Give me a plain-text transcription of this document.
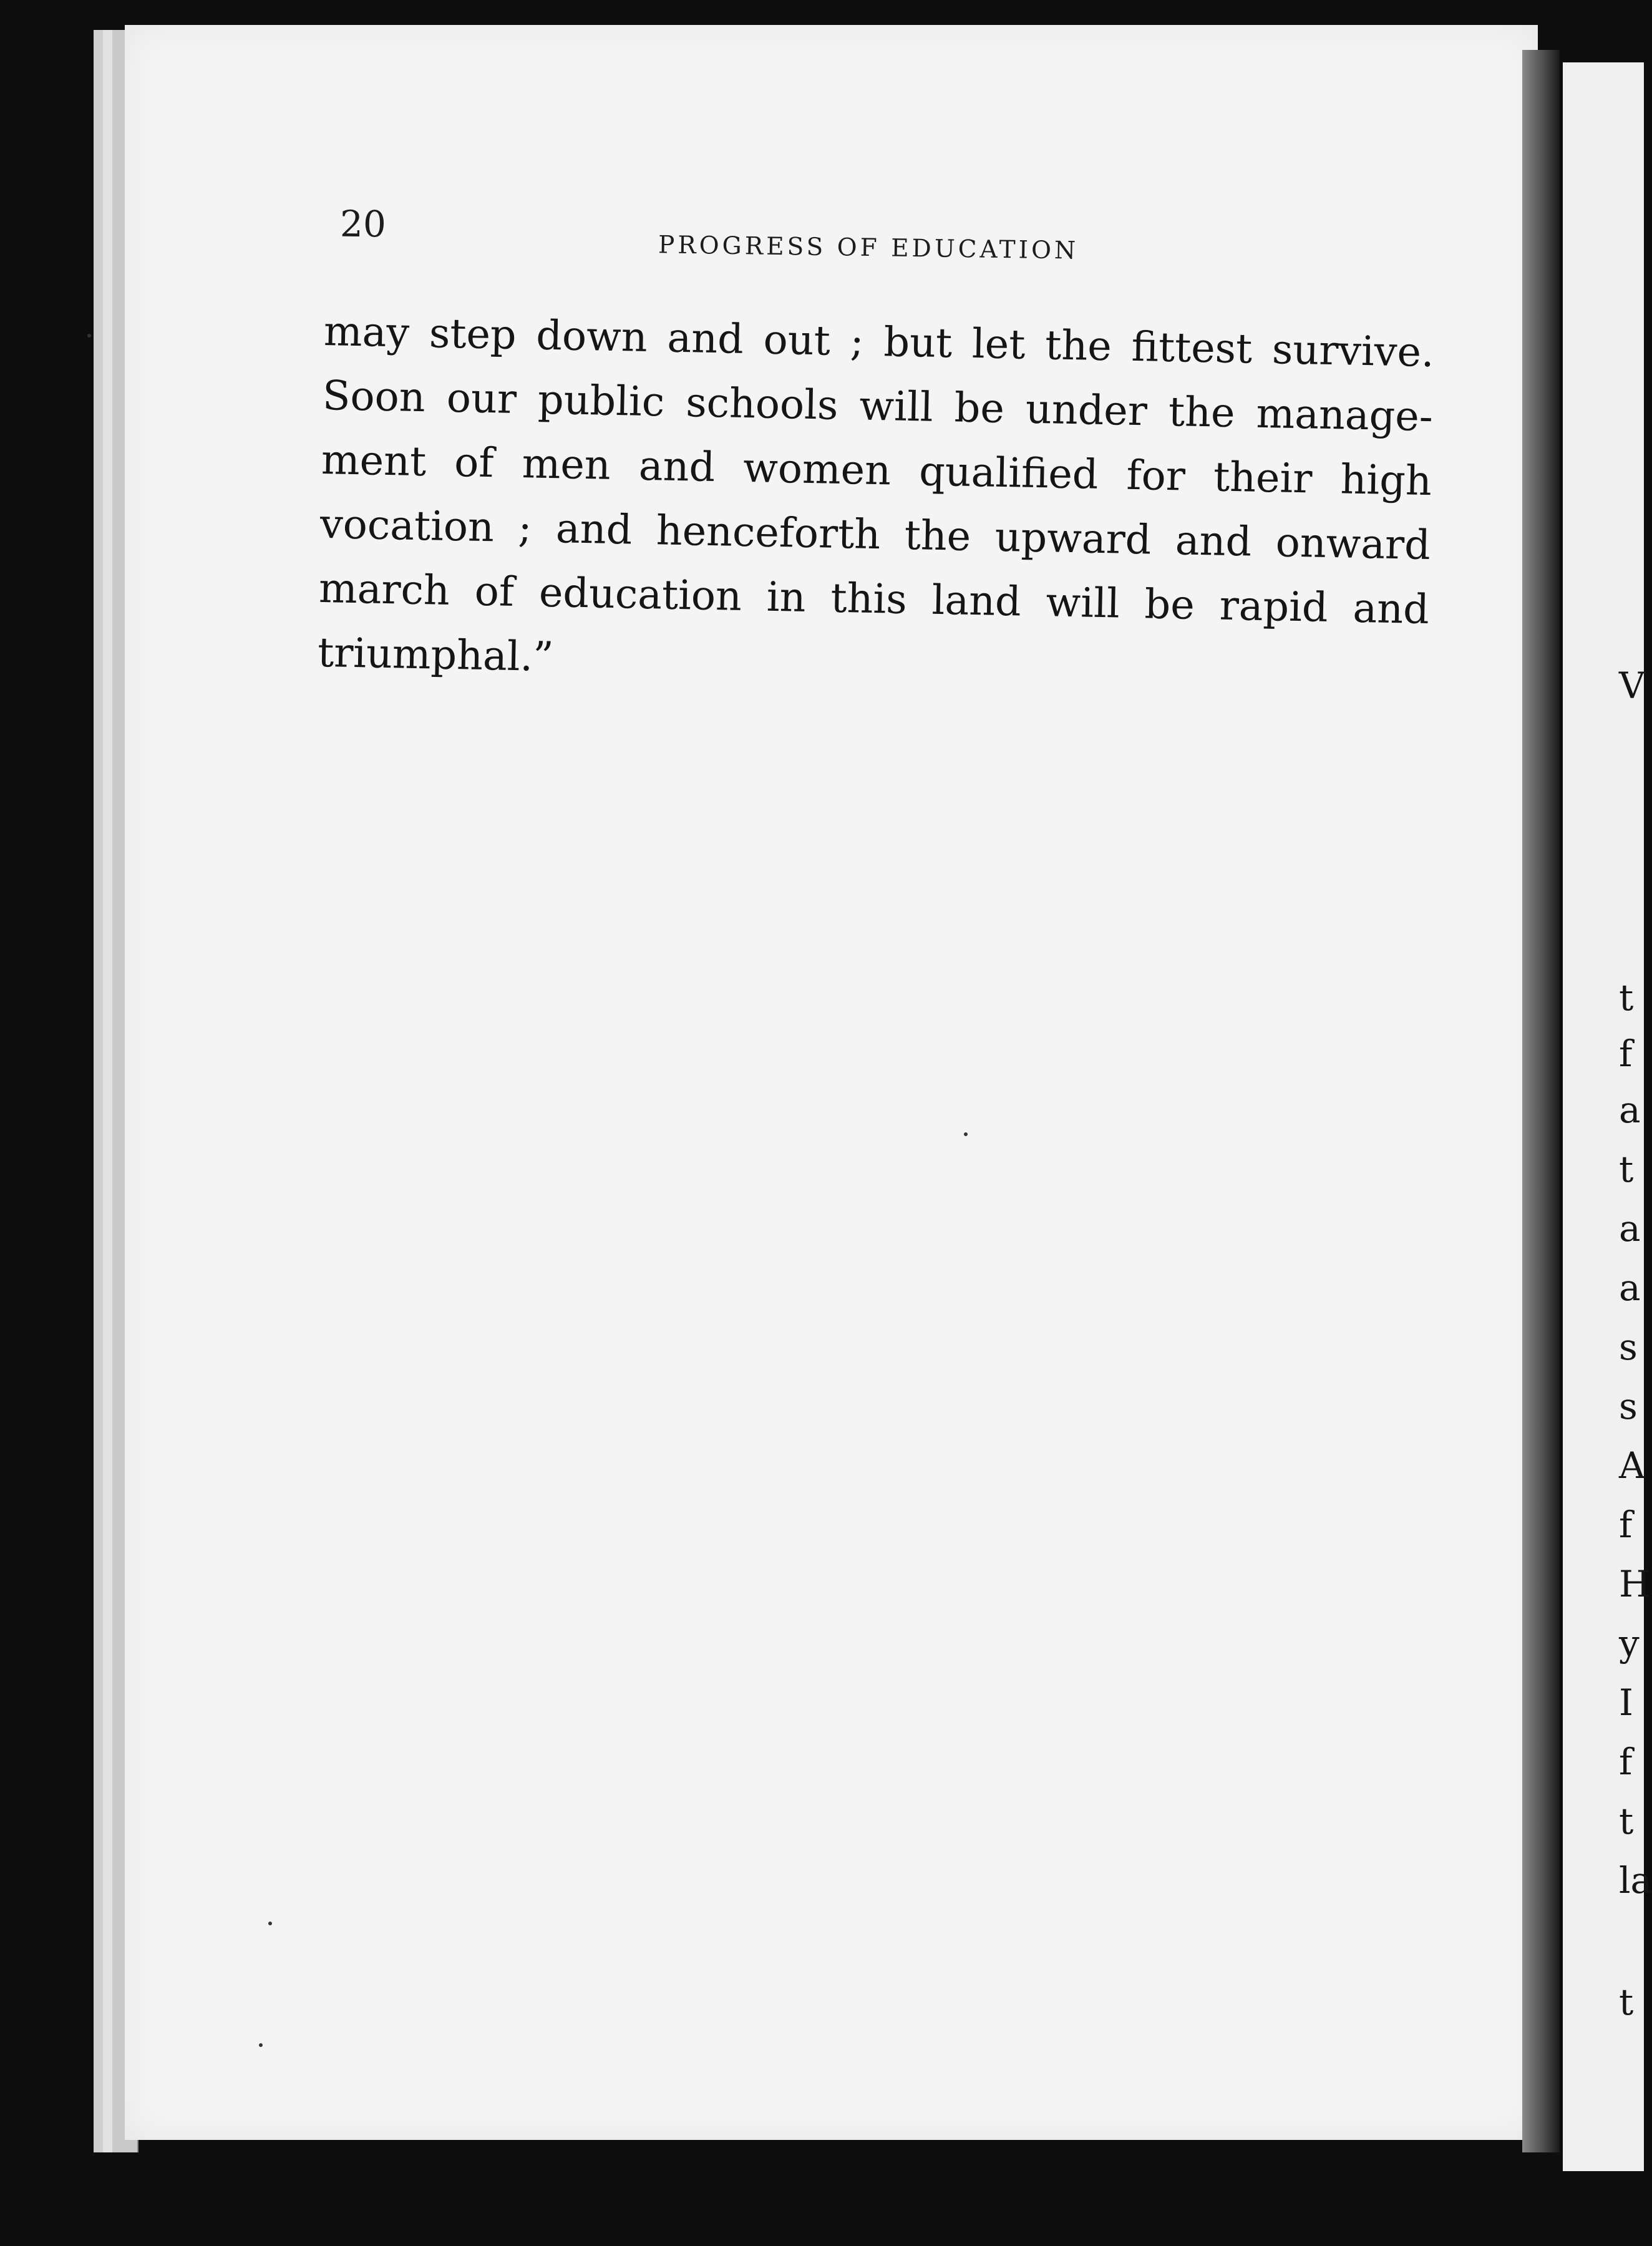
V
t
f
a
t
a
a
s
s
A
f
H
y
I
f
t
la
t
20
PROGRESS OF EDUCATION
may step down and out ; but let the fittest survive.
Soon our public schools will be under the manage-
ment of men and women qualified for their high
vocation ; and henceforth the upward and onward
march of education in this land will be rapid and
triumphal.”
